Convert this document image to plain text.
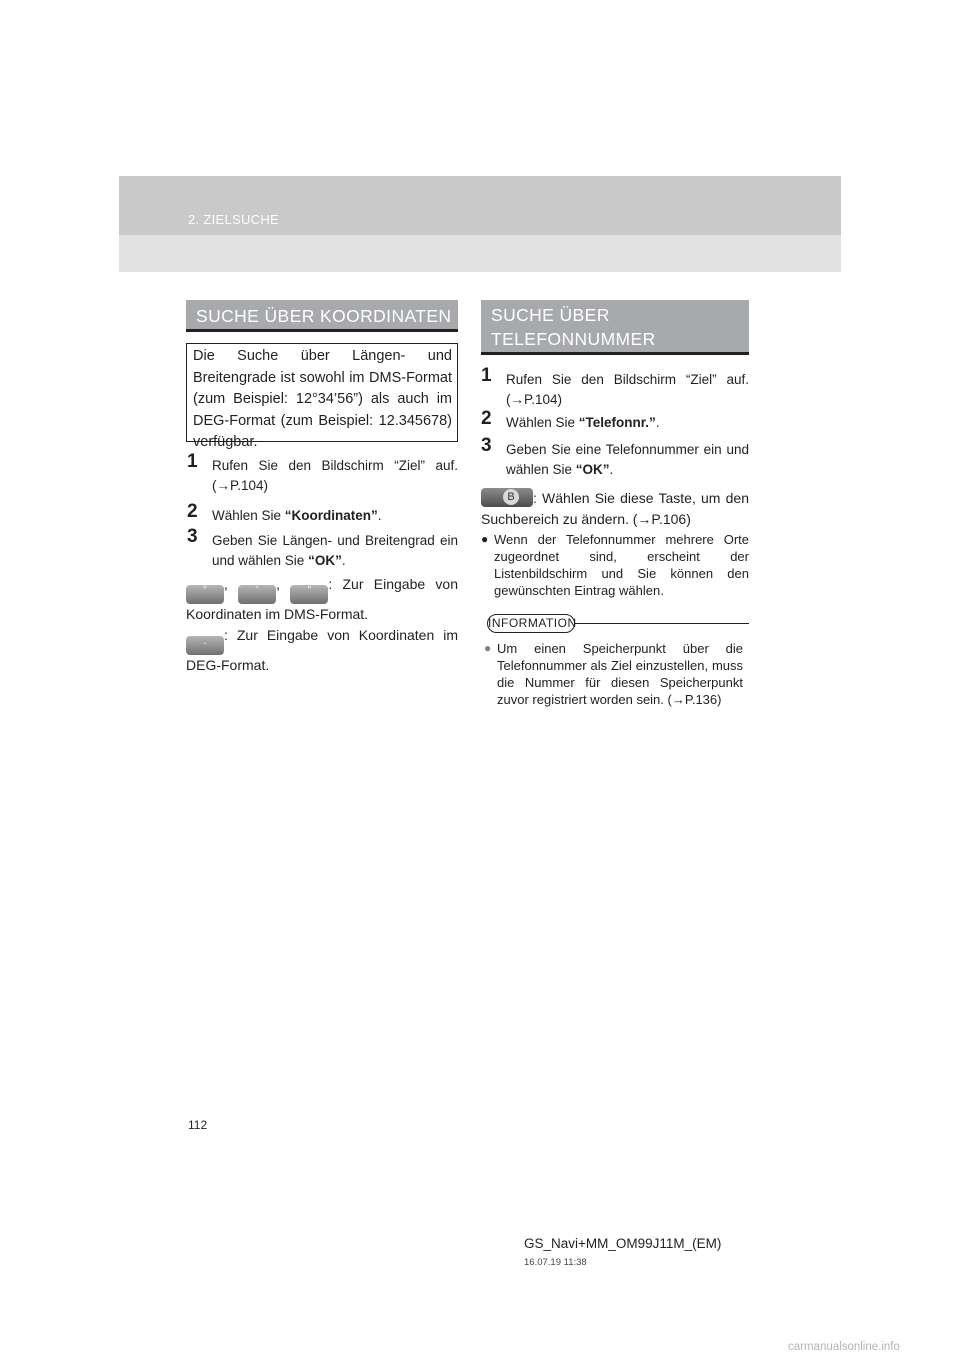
2. ZIELSUCHE
SUCHE ÜBER KOORDINATEN
Die Suche über Längen- und Breitengrade ist sowohl im DMS-Format (zum Beispiel: 12°34’56”) als auch im DEG-Format (zum Beispiel: 12.345678) verfügbar.
1 Rufen Sie den Bildschirm “Ziel” auf. (→P.104)
2 Wählen Sie “Koordinaten”.
3 Geben Sie Längen- und Breitengrad ein und wählen Sie “OK”.
° , ' , " : Zur Eingabe von Koordinaten im DMS-Format.
. : Zur Eingabe von Koordinaten im DEG-Format.
SUCHE ÜBER
TELEFONNUMMER
1 Rufen Sie den Bildschirm “Ziel” auf. (→P.104)
2 Wählen Sie “Telefonnr.”.
3 Geben Sie eine Telefonnummer ein und wählen Sie “OK”.
B	: Wählen Sie diese Taste, um den Suchbereich zu ändern. (→P.106)
● Wenn der Telefonnummer mehrere Orte zugeordnet sind, erscheint der Listenbildschirm und Sie können den gewünschten Eintrag wählen.
INFORMATION
● Um einen Speicherpunkt über die Telefonnummer als Ziel einzustellen, muss die Nummer für diesen Speicherpunkt zuvor registriert worden sein. (→P.136)
112
GS_Navi+MM_OM99J11M_(EM)
16.07.19 11:38
carmanualsonline.info
